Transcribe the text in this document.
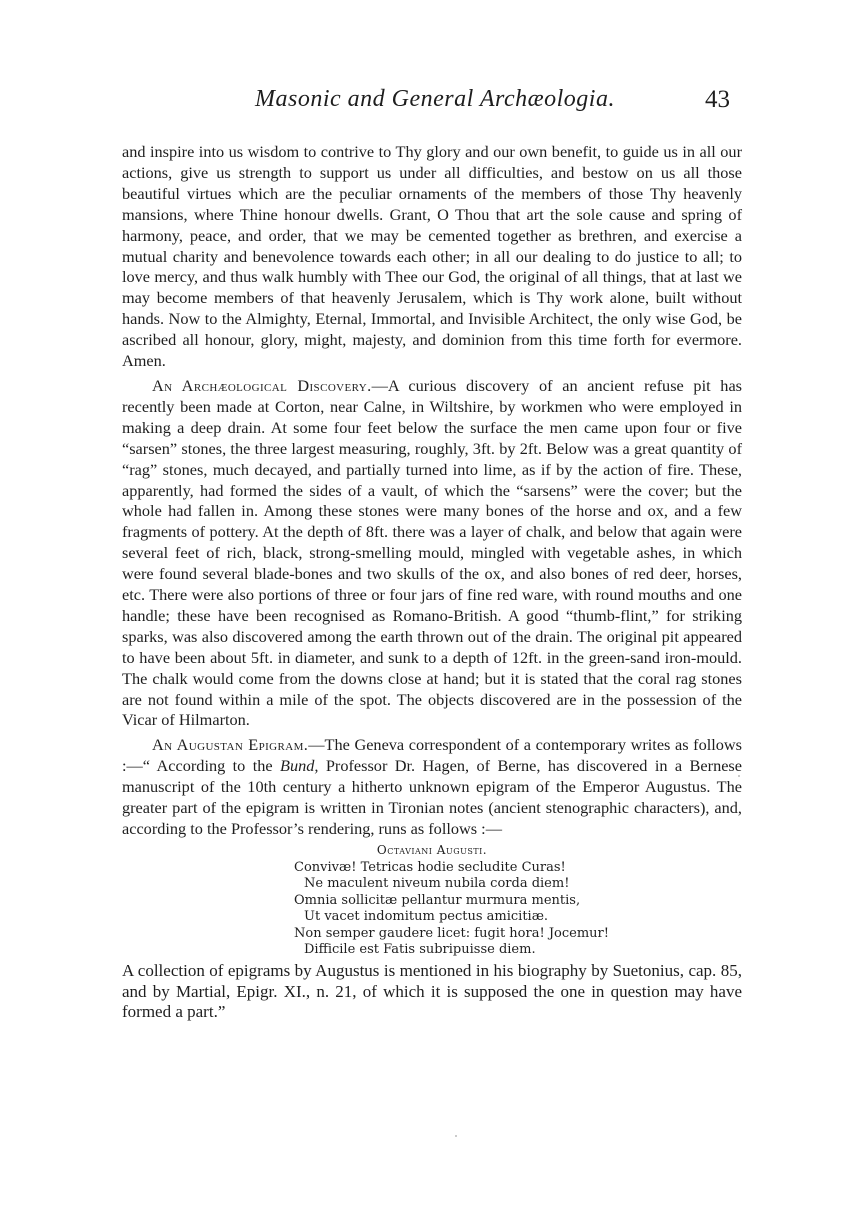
Masonic and General Archæologia.	43

and inspire into us wisdom to contrive to Thy glory and our own benefit, to guide us in all our actions, give us strength to support us under all difficulties, and bestow on us all those beautiful virtues which are the peculiar ornaments of the members of those Thy heavenly mansions, where Thine honour dwells. Grant, O Thou that art the sole cause and spring of harmony, peace, and order, that we may be cemented together as brethren, and exercise a mutual charity and benevolence towards each other; in all our dealing to do justice to all; to love mercy, and thus walk humbly with Thee our God, the original of all things, that at last we may become members of that heavenly Jerusalem, which is Thy work alone, built without hands. Now to the Almighty, Eternal, Immortal, and Invisible Architect, the only wise God, be ascribed all honour, glory, might, majesty, and dominion from this time forth for evermore. Amen.

An Archæological Discovery.—A curious discovery of an ancient refuse pit has recently been made at Corton, near Calne, in Wiltshire, by workmen who were employed in making a deep drain. At some four feet below the surface the men came upon four or five “sarsen” stones, the three largest measuring, roughly, 3ft. by 2ft. Below was a great quantity of “rag” stones, much decayed, and partially turned into lime, as if by the action of fire. These, apparently, had formed the sides of a vault, of which the “sarsens” were the cover; but the whole had fallen in. Among these stones were many bones of the horse and ox, and a few fragments of pottery. At the depth of 8ft. there was a layer of chalk, and below that again were several feet of rich, black, strong-smelling mould, mingled with vegetable ashes, in which were found several blade-bones and two skulls of the ox, and also bones of red deer, horses, etc. There were also portions of three or four jars of fine red ware, with round mouths and one handle; these have been recognised as Romano-British. A good “thumb-flint,” for striking sparks, was also discovered among the earth thrown out of the drain. The original pit appeared to have been about 5ft. in diameter, and sunk to a depth of 12ft. in the green-sand iron-mould. The chalk would come from the downs close at hand; but it is stated that the coral rag stones are not found within a mile of the spot. The objects discovered are in the possession of the Vicar of Hilmarton.

An Augustan Epigram.—The Geneva correspondent of a contemporary writes as follows :—“ According to the Bund, Professor Dr. Hagen, of Berne, has discovered in a Bernese manuscript of the 10th century a hitherto unknown epigram of the Emperor Augustus. The greater part of the epigram is written in Tironian notes (ancient stenographic characters), and, according to the Professor’s rendering, runs as follows :—

Octaviani Augusti.
Convivæ! Tetricas hodie secludite Curas!
Ne maculent niveum nubila corda diem!
Omnia sollicitæ pellantur murmura mentis,
Ut vacet indomitum pectus amicitiæ.
Non semper gaudere licet: fugit hora! Jocemur!
Difficile est Fatis subripuisse diem.

A collection of epigrams by Augustus is mentioned in his biography by Suetonius, cap. 85, and by Martial, Epigr. XI., n. 21, of which it is supposed the one in question may have formed a part.”
